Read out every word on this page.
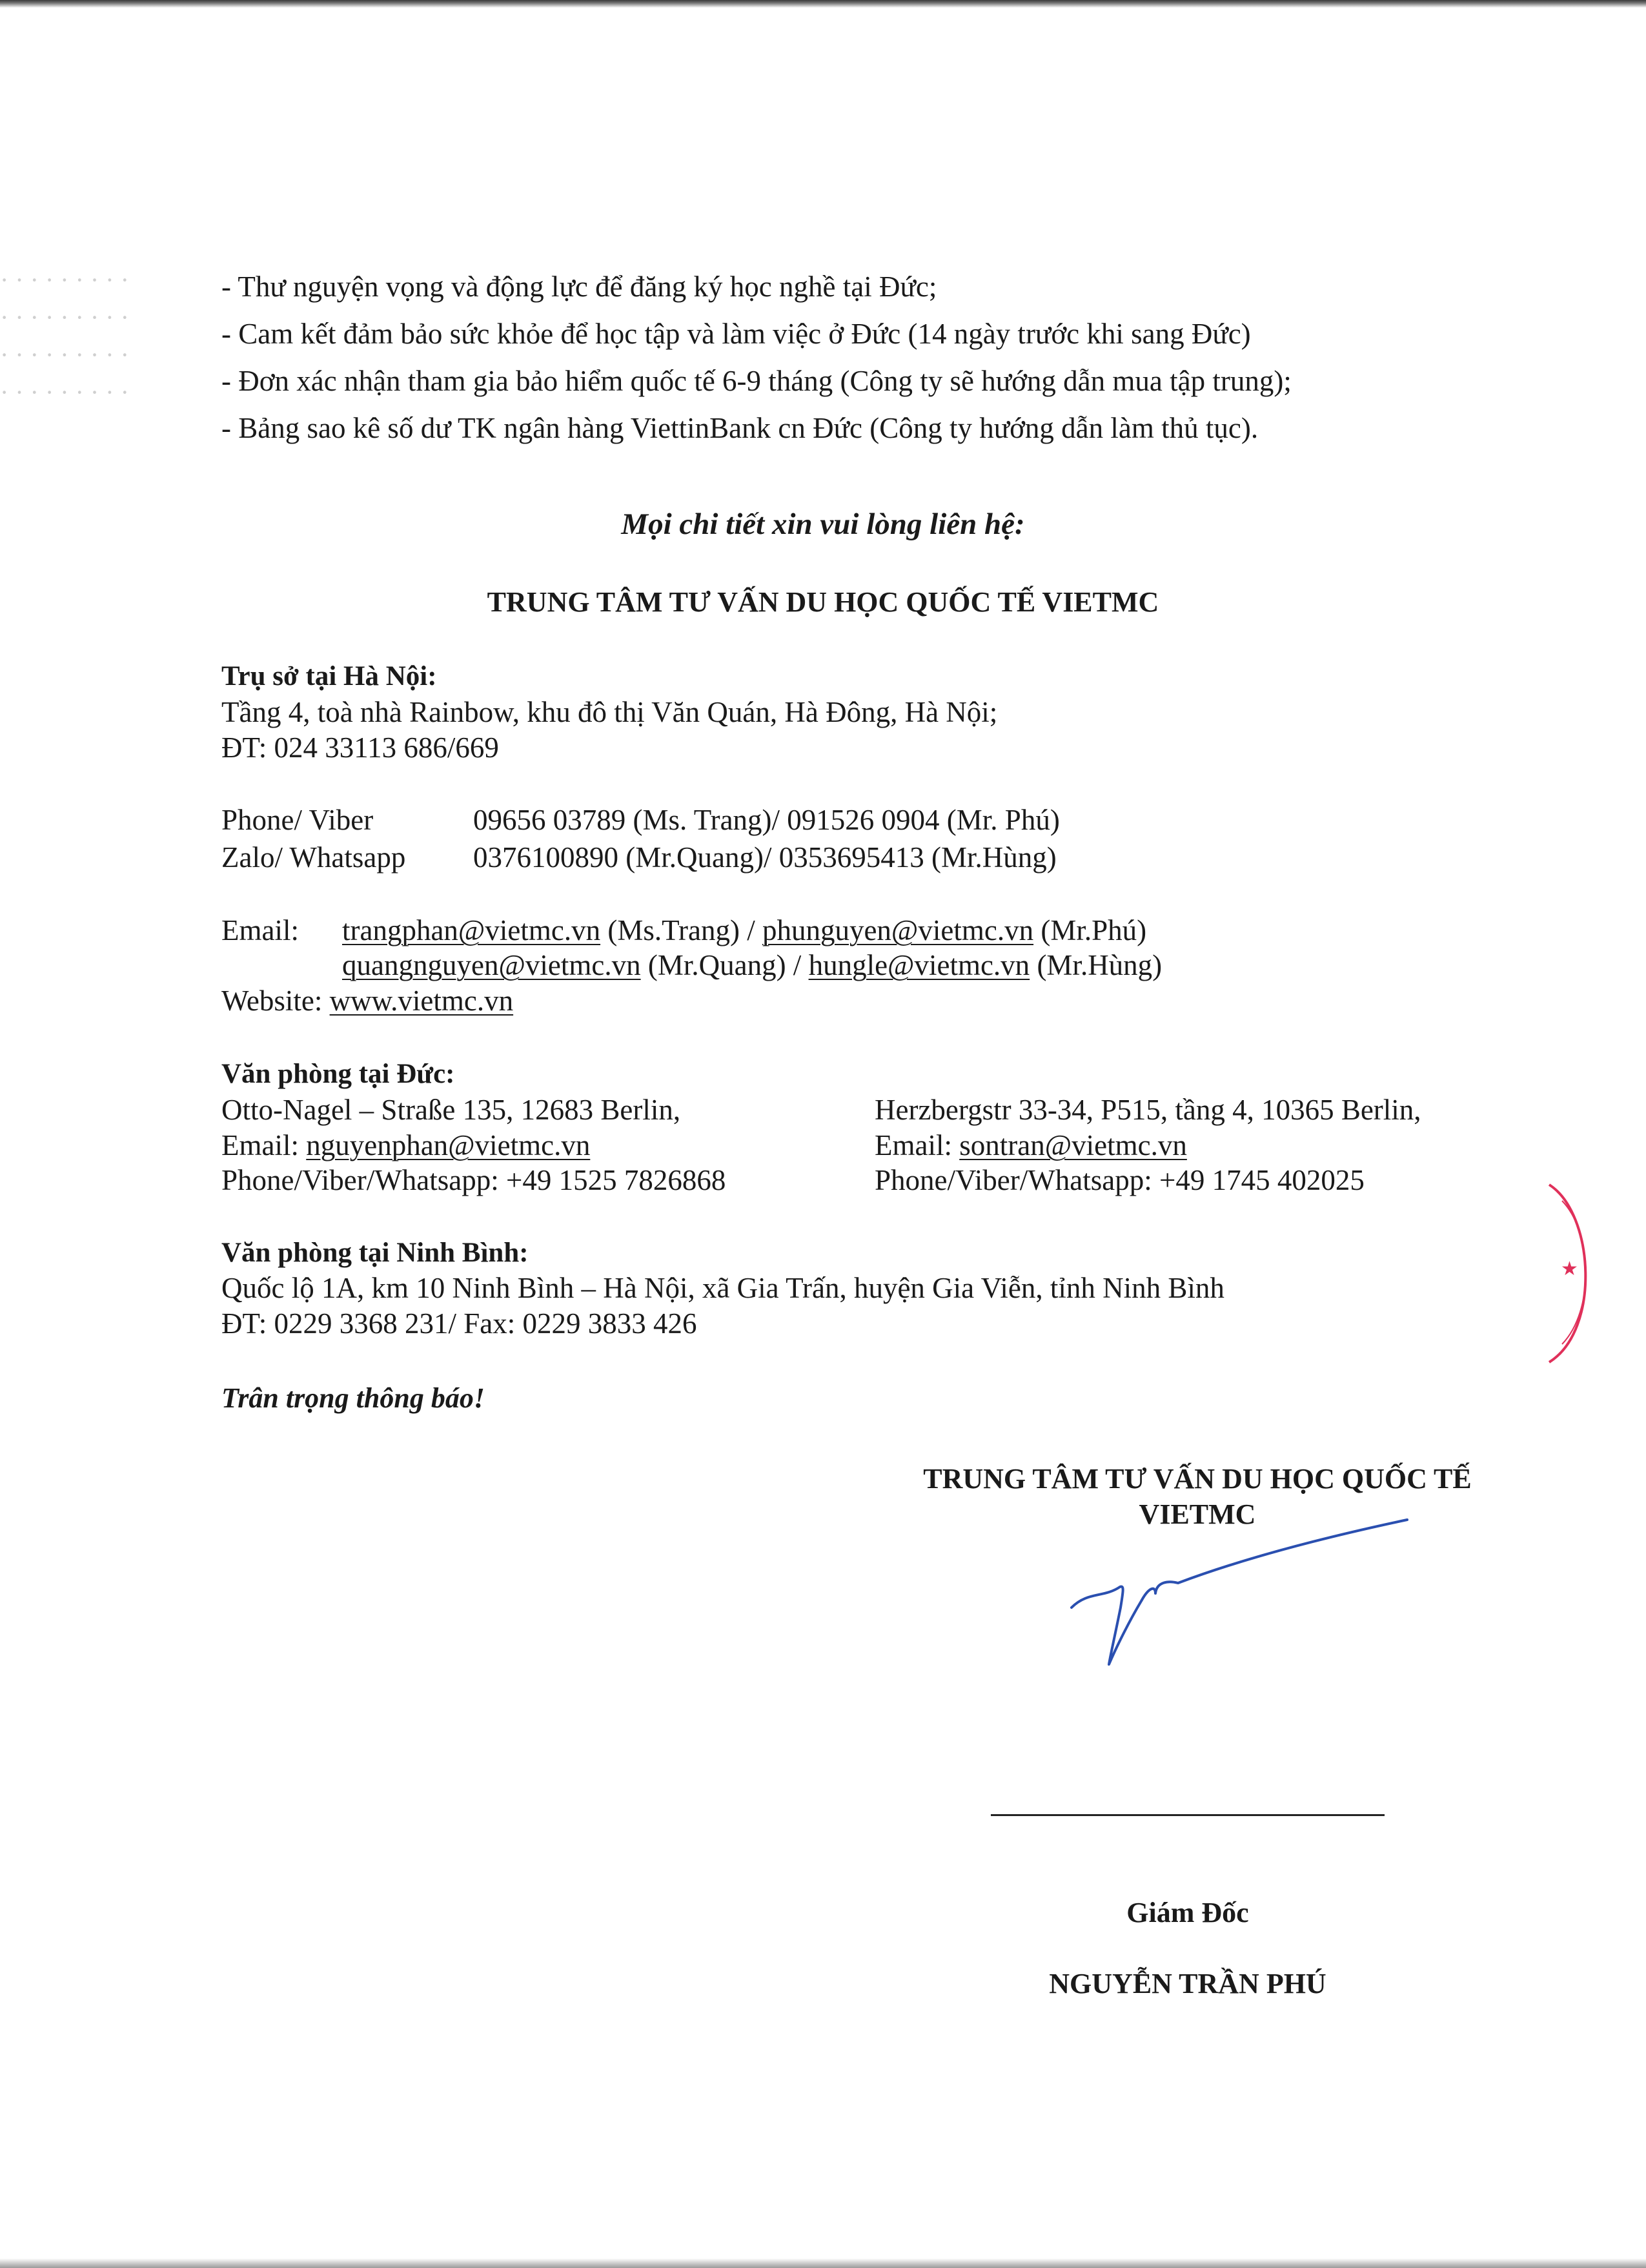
· · · · · · · · ·
· · · · · · · · ·
· · · · · · · · ·
· · · · · · · · ·
- Thư nguyện vọng và động lực để đăng ký học nghề tại Đức;
- Cam kết đảm bảo sức khỏe để học tập và làm việc ở Đức (14 ngày trước khi sang Đức)
- Đơn xác nhận tham gia bảo hiểm quốc tế 6-9 tháng (Công ty sẽ hướng dẫn mua tập trung);
- Bảng sao kê số dư TK ngân hàng ViettinBank cn Đức (Công ty hướng dẫn làm thủ tục).
Mọi chi tiết xin vui lòng liên hệ:
TRUNG TÂM TƯ VẤN DU HỌC QUỐC TẾ VIETMC
Trụ sở tại Hà Nội:
Tầng 4, toà nhà Rainbow, khu đô thị Văn Quán, Hà Đông, Hà Nội;
ĐT: 024 33113 686/669
Phone/ Viber	09656 03789 (Ms. Trang)/ 091526 0904 (Mr. Phú)
Zalo/ Whatsapp 0376100890 (Mr.Quang)/ 0353695413 (Mr.Hùng)
Email: trangphan@vietmc.vn (Ms.Trang) / phunguyen@vietmc.vn (Mr.Phú)
quangnguyen@vietmc.vn (Mr.Quang) / hungle@vietmc.vn (Mr.Hùng)
Website: www.vietmc.vn
Văn phòng tại Đức:
Otto-Nagel – Straße 135, 12683 Berlin,
Email: nguyenphan@vietmc.vn
Phone/Viber/Whatsapp: +49 1525 7826868
Herzbergstr 33-34, P515, tầng 4, 10365 Berlin,
Email: sontran@vietmc.vn
Phone/Viber/Whatsapp: +49 1745 402025
Văn phòng tại Ninh Bình:
Quốc lộ 1A, km 10 Ninh Bình – Hà Nội, xã Gia Trấn, huyện Gia Viễn, tỉnh Ninh Bình
ĐT: 0229 3368 231/ Fax: 0229 3833 426
Trân trọng thông báo!
TRUNG TÂM TƯ VẤN DU HỌC QUỐC TẾ
VIETMC
★
Giám Đốc
NGUYỄN TRẦN PHÚ
